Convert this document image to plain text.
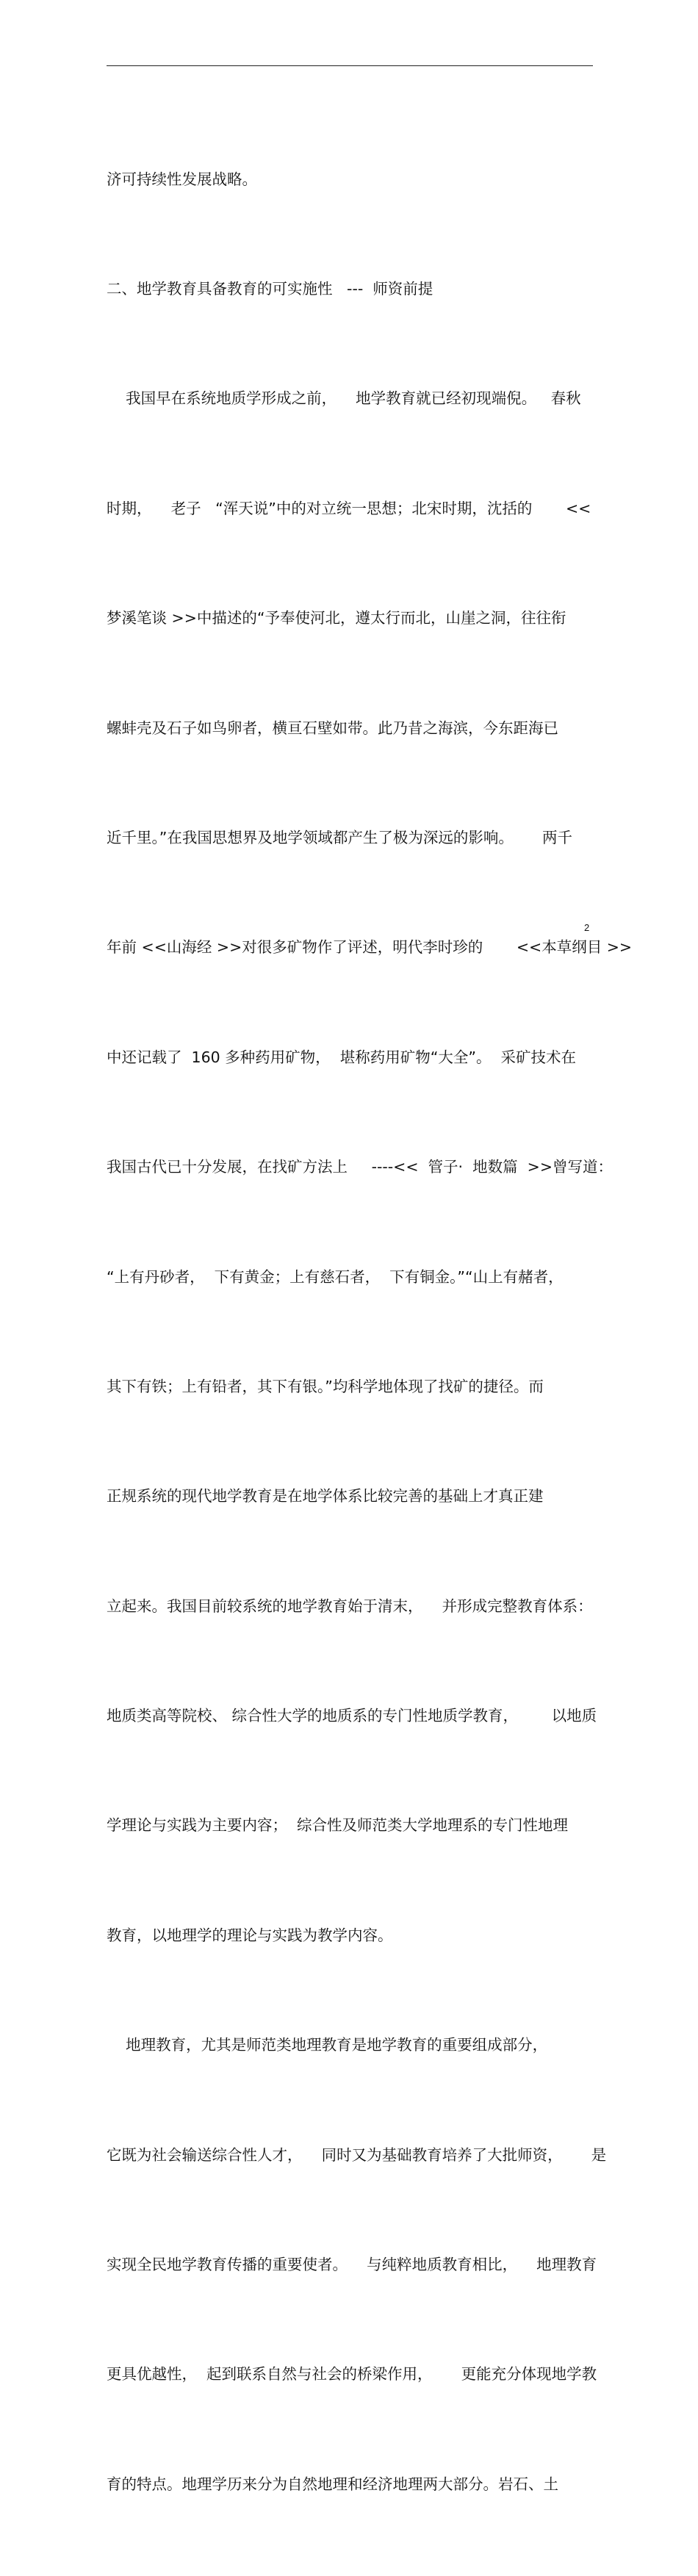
济可持续性发展战略。

二、地学教育具备教育的可实施性   ---  师资前提

我国早在系统地质学形成之前，    地学教育就已经初现端倪。   春秋

时期，    老子   “浑天说”中的对立统一思想；北宋时期，沈括的       <<

梦溪笔谈 >>中描述的“予奉使河北，遵太行而北，山崖之洞，往往衔

螺蚌壳及石子如鸟卵者，横亘石壁如带。此乃昔之海滨，今东距海已

近千里。”在我国思想界及地学领域都产生了极为深远的影响。      两千

年前 <<山海经 >>对很多矿物作了评述，明代李时珍的       <<本草纲目 >>

中还记载了  160 多种药用矿物，  堪称药用矿物“大全”。  采矿技术在

我国古代已十分发展，在找矿方法上     ----<<  管子·  地数篇  >>曾写道：

“上有丹砂者，  下有黄金；上有慈石者，  下有铜金。”“山上有赭者，

其下有铁；上有铅者，其下有银。”均科学地体现了找矿的捷径。而

正规系统的现代地学教育是在地学体系比较完善的基础上才真正建

立起来。我国目前较系统的地学教育始于清末，    并形成完整教育体系：

地质类高等院校、 综合性大学的地质系的专门性地质学教育，       以地质

学理论与实践为主要内容；  综合性及师范类大学地理系的专门性地理

教育，以地理学的理论与实践为教学内容。

地理教育，尤其是师范类地理教育是地学教育的重要组成部分，

它既为社会输送综合性人才，    同时又为基础教育培养了大批师资，      是

实现全民地学教育传播的重要使者。    与纯粹地质教育相比，    地理教育

更具优越性，  起到联系自然与社会的桥梁作用，      更能充分体现地学教

育的特点。地理学历来分为自然地理和经济地理两大部分。岩石、土

2
